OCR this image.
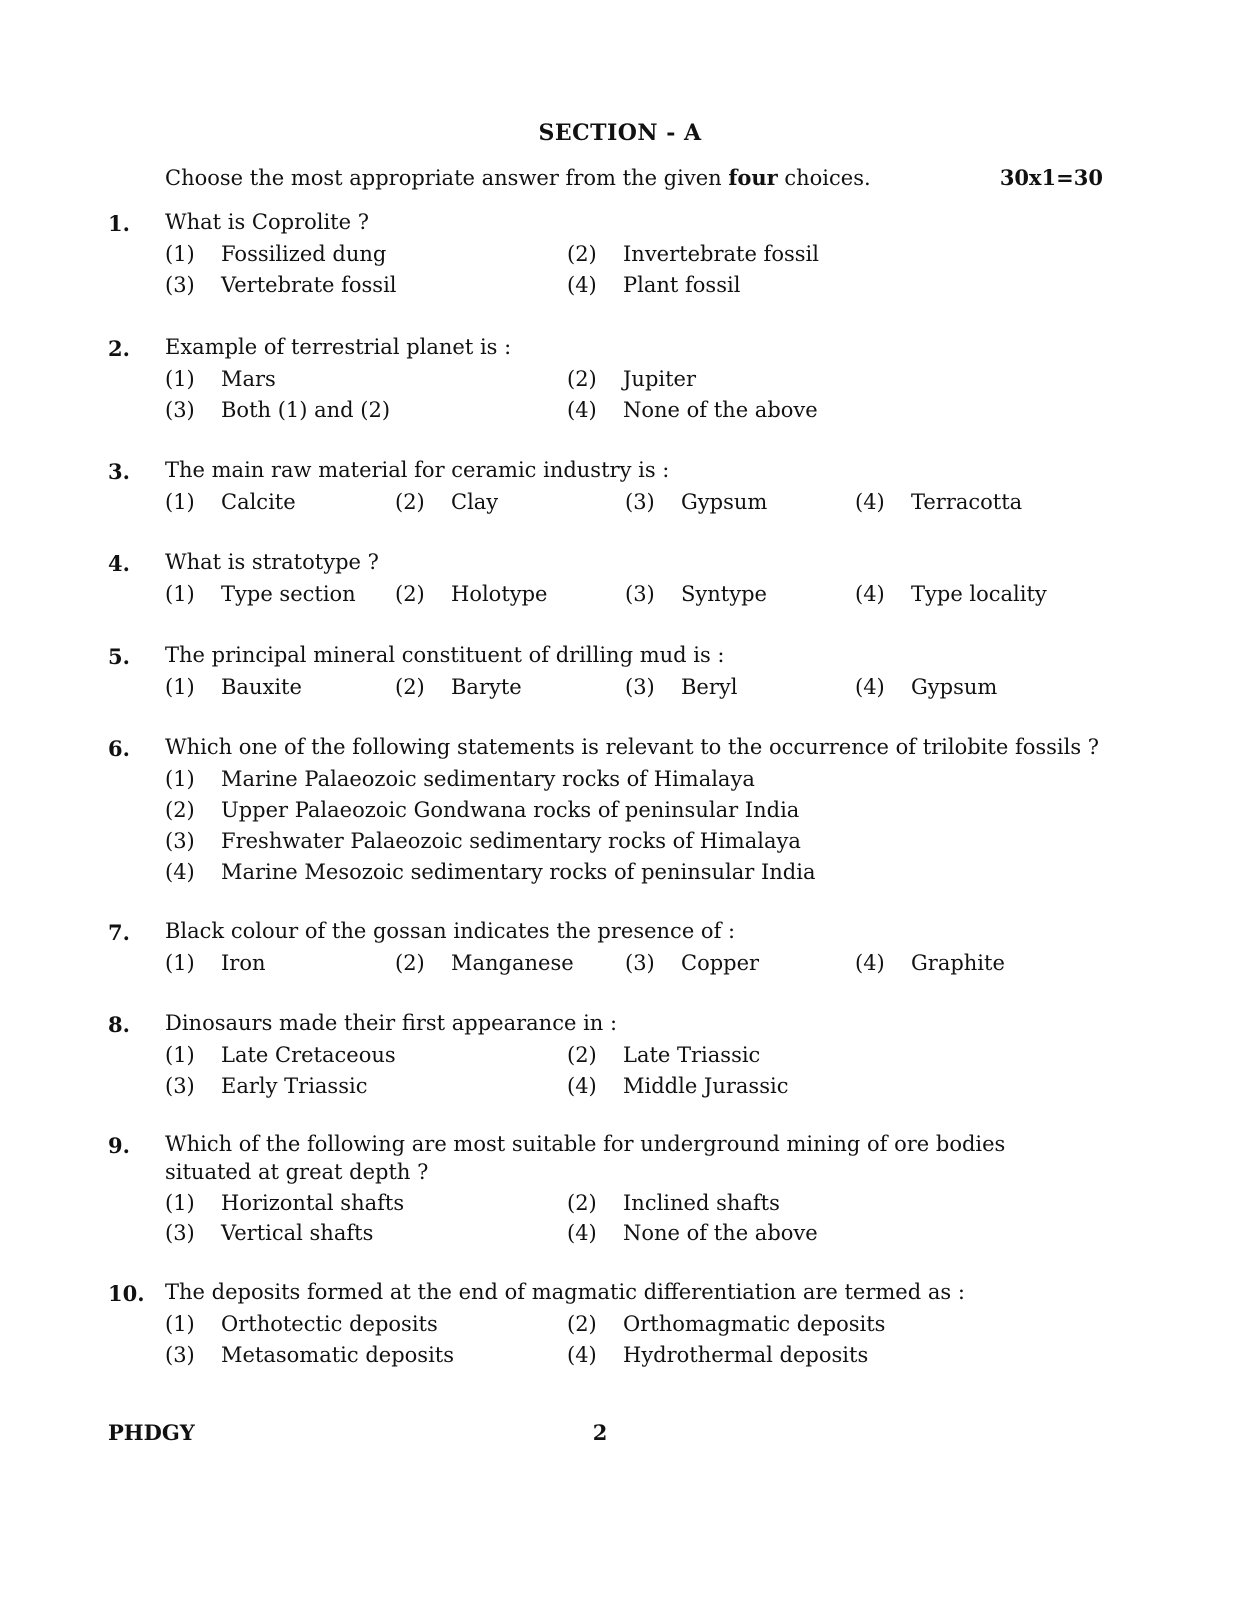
SECTION - A
Choose the most appropriate answer from the given four choices.	30x1=30
1. What is Coprolite ?
(1) Fossilized dung	(2) Invertebrate fossil
(3) Vertebrate fossil	(4) Plant fossil
2. Example of terrestrial planet is :
(1) Mars	(2) Jupiter
(3) Both (1) and (2)	(4) None of the above
3. The main raw material for ceramic industry is :
(1) Calcite	(2) Clay	(3) Gypsum	(4) Terracotta
4. What is stratotype ?
(1) Type section (2) Holotype	(3) Syntype	(4) Type locality
5. The principal mineral constituent of drilling mud is :
(1) Bauxite	(2) Baryte	(3) Beryl	(4) Gypsum
6. Which one of the following statements is relevant to the occurrence of trilobite fossils ?
(1) Marine Palaeozoic sedimentary rocks of Himalaya
(2) Upper Palaeozoic Gondwana rocks of peninsular India
(3) Freshwater Palaeozoic sedimentary rocks of Himalaya
(4) Marine Mesozoic sedimentary rocks of peninsular India
7. Black colour of the gossan indicates the presence of :
(1) Iron	(2) Manganese (3) Copper	(4) Graphite
8. Dinosaurs made their first appearance in :
(1) Late Cretaceous	(2) Late Triassic
(3) Early Triassic	(4) Middle Jurassic
9. Which of the following are most suitable for underground mining of ore bodies situated at great depth ?
(1) Horizontal shafts	(2) Inclined shafts
(3) Vertical shafts	(4) None of the above
10. The deposits formed at the end of magmatic differentiation are termed as :
(1) Orthotectic deposits	(2) Orthomagmatic deposits
(3) Metasomatic deposits	(4) Hydrothermal deposits
PHDGY	2
